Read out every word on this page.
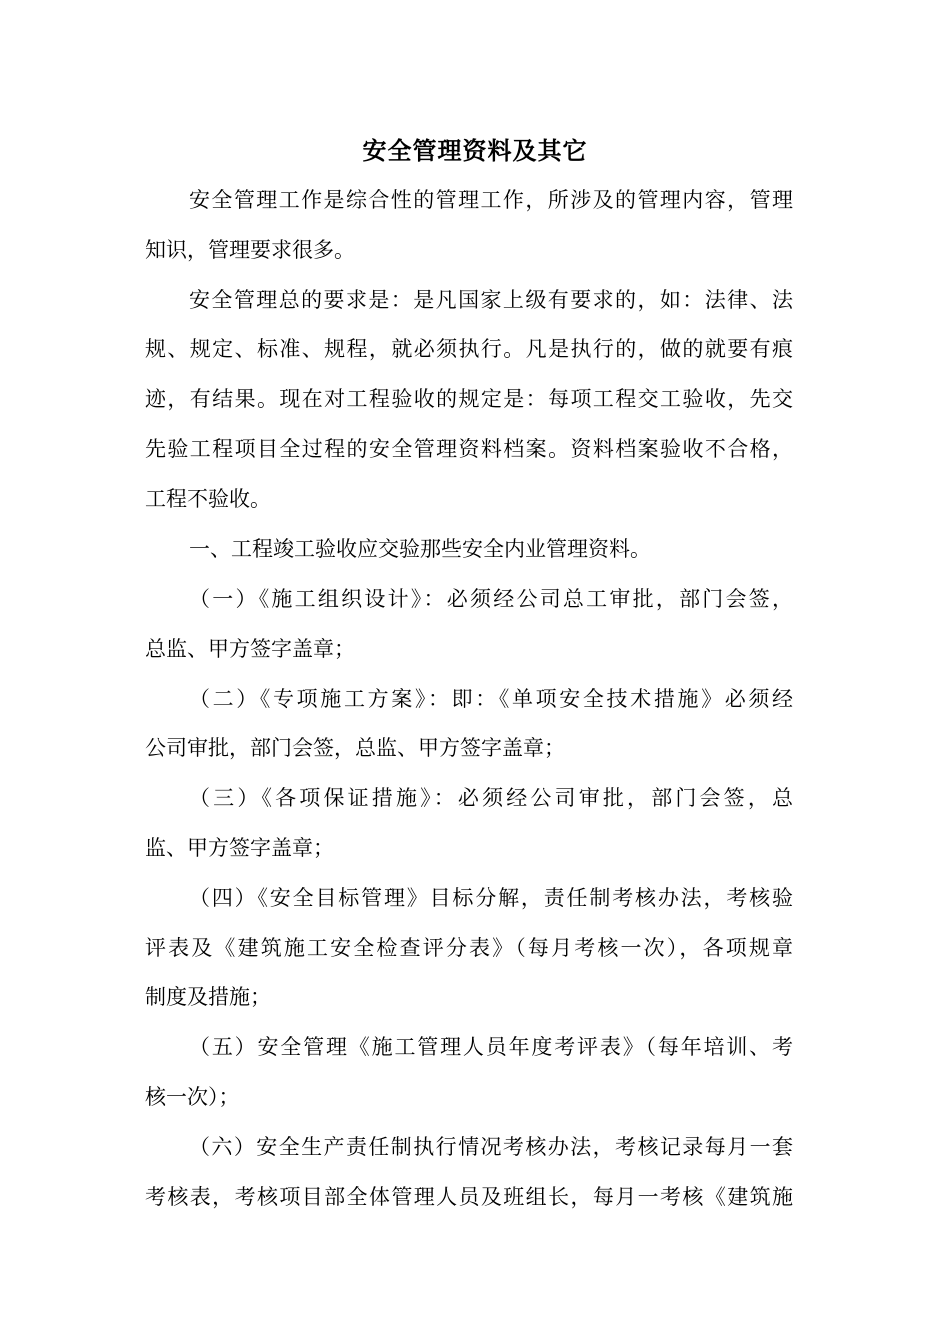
安全管理资料及其它
安全管理工作是综合性的管理工作，所涉及的管理内容，管理
知识，管理要求很多。
安全管理总的要求是：是凡国家上级有要求的，如：法律、法
规、规定、标准、规程，就必须执行。凡是执行的，做的就要有痕
迹，有结果。现在对工程验收的规定是：每项工程交工验收，先交
先验工程项目全过程的安全管理资料档案。资料档案验收不合格，
工程不验收。
一、工程竣工验收应交验那些安全内业管理资料。
（一）《施工组织设计》：必须经公司总工审批，部门会签，
总监、甲方签字盖章；
（二）《专项施工方案》：即：《单项安全技术措施》必须经
公司审批，部门会签，总监、甲方签字盖章；
（三）《各项保证措施》：必须经公司审批，部门会签，总
监、甲方签字盖章；
（四）《安全目标管理》目标分解，责任制考核办法，考核验
评表及《建筑施工安全检查评分表》（每月考核一次），各项规章
制度及措施；
（五）安全管理《施工管理人员年度考评表》（每年培训、考
核一次）；
（六）安全生产责任制执行情况考核办法，考核记录每月一套
考核表，考核项目部全体管理人员及班组长，每月一考核《建筑施
